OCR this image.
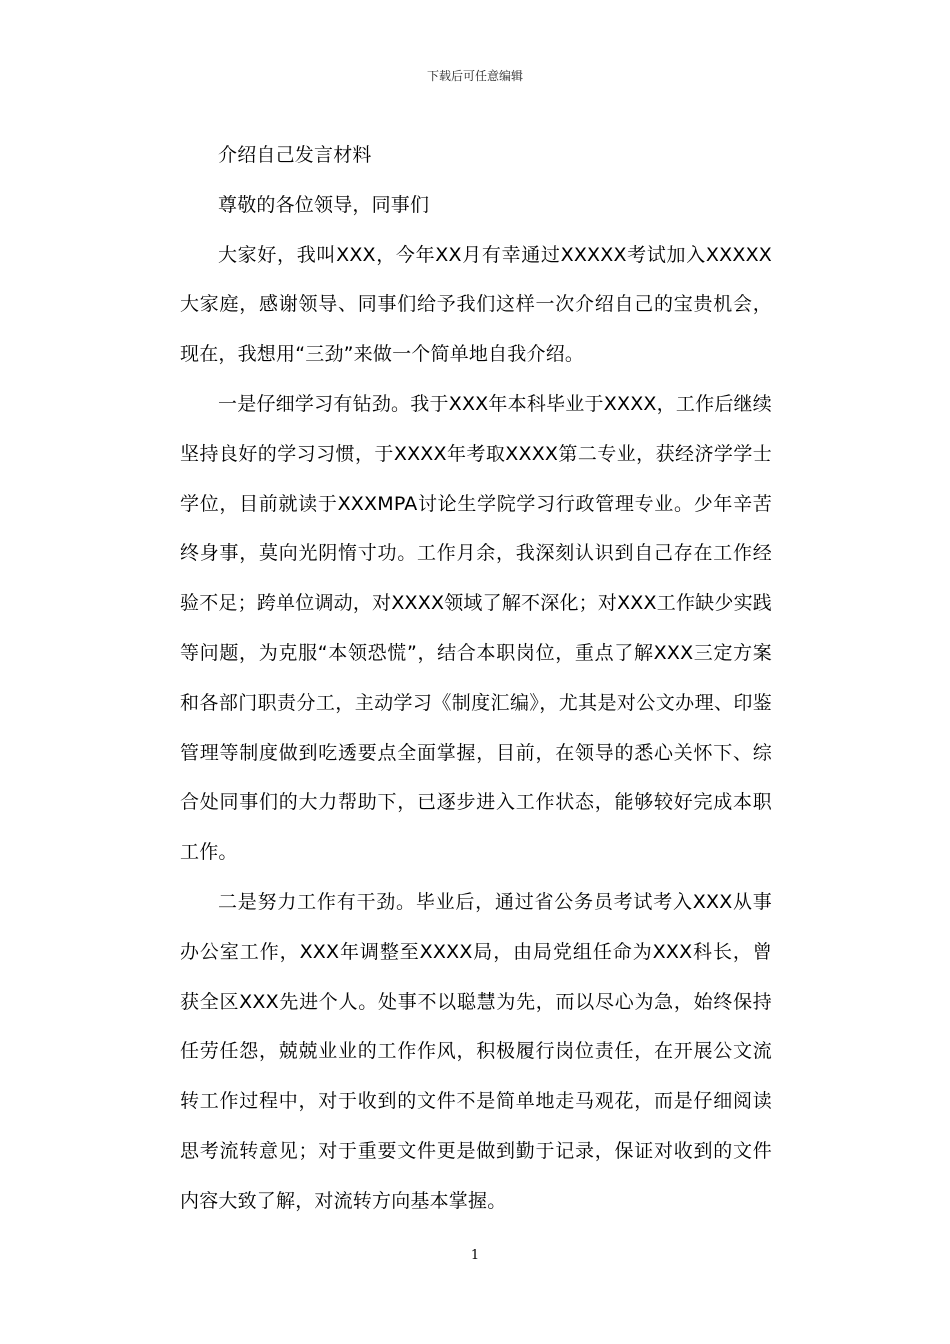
下载后可任意编辑

介绍自己发言材料

尊敬的各位领导，同事们

大家好，我叫XXX，今年XX月有幸通过XXXXX考试加入XXXXX大家庭，感谢领导、同事们给予我们这样一次介绍自己的宝贵机会，现在，我想用“三劲”来做一个简单地自我介绍。

一是仔细学习有钻劲。我于XXX年本科毕业于XXXX，工作后继续坚持良好的学习习惯，于XXXX年考取XXXX第二专业，获经济学学士学位，目前就读于XXXMPA讨论生学院学习行政管理专业。少年辛苦终身事，莫向光阴惰寸功。工作月余，我深刻认识到自己存在工作经验不足；跨单位调动，对XXXX领域了解不深化；对XXX工作缺少实践等问题，为克服“本领恐慌”，结合本职岗位，重点了解XXX三定方案和各部门职责分工，主动学习《制度汇编》，尤其是对公文办理、印鉴管理等制度做到吃透要点全面掌握，目前，在领导的悉心关怀下、综合处同事们的大力帮助下，已逐步进入工作状态，能够较好完成本职工作。

二是努力工作有干劲。毕业后，通过省公务员考试考入XXX从事办公室工作，XXX年调整至XXXX局，由局党组任命为XXX科长，曾获全区XXX先进个人。处事不以聪慧为先，而以尽心为急，始终保持任劳任怨，兢兢业业的工作作风，积极履行岗位责任，在开展公文流转工作过程中，对于收到的文件不是简单地走马观花，而是仔细阅读思考流转意见；对于重要文件更是做到勤于记录，保证对收到的文件内容大致了解，对流转方向基本掌握。

1
